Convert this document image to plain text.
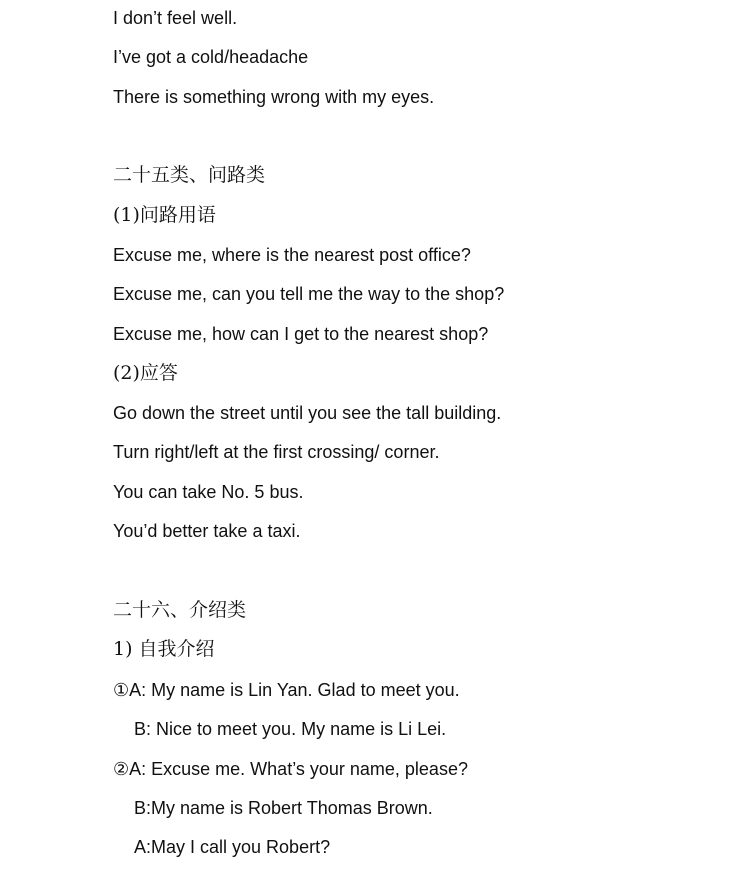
I don’t feel well.
I’ve got a cold/headache
There is something wrong with my eyes.
二十五类、问路类
(1)问路用语
Excuse me, where is the nearest post office?
Excuse me, can you tell me the way to the shop?
Excuse me, how can I get to the nearest shop?
(2)应答
Go down the street until you see the tall building.
Turn right/left at the first crossing/ corner.
You can take No. 5 bus.
You’d better take a taxi.
二十六、介绍类
1) 自我介绍
①A: My name is Lin Yan. Glad to meet you.
B: Nice to meet you. My name is Li Lei.
②A: Excuse me. What’s your name, please?
B:My name is Robert Thomas Brown.
A:May I call you Robert?
